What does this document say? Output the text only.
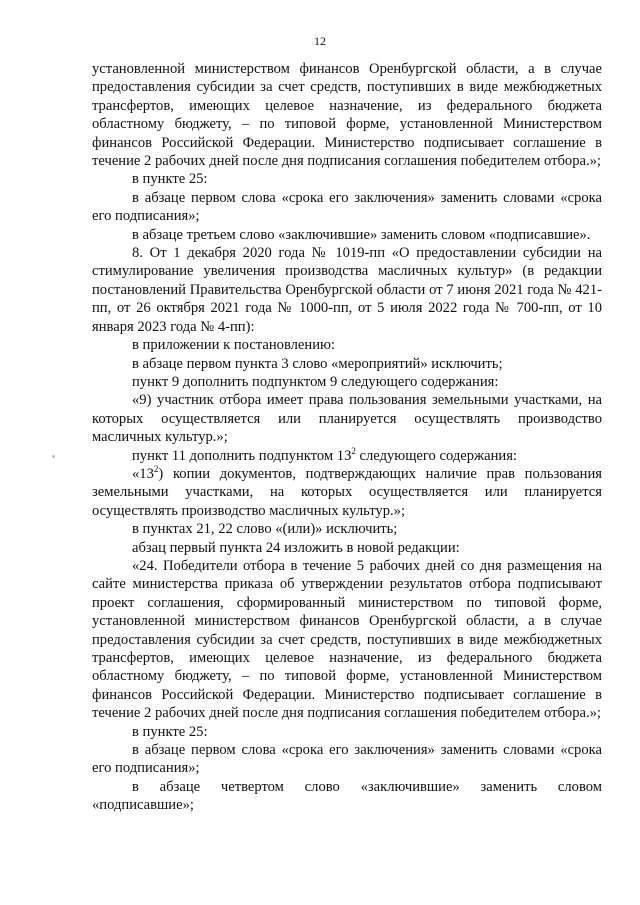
12

установленной министерством финансов Оренбургской области, а в случае предоставления субсидии за счет средств, поступивших в виде межбюджетных трансфертов, имеющих целевое назначение, из федерального бюджета областному бюджету, – по типовой форме, установленной Министерством финансов Российской Федерации. Министерство подписывает соглашение в течение 2 рабочих дней после дня подписания соглашения победителем отбора.»;

в пункте 25:

в абзаце первом слова «срока его заключения» заменить словами «срока его подписания»;

в абзаце третьем слово «заключившие» заменить словом «подписавшие».

8. От 1 декабря 2020 года № 1019-пп «О предоставлении субсидии на стимулирование увеличения производства масличных культур» (в редакции постановлений Правительства Оренбургской области от 7 июня 2021 года № 421-пп, от 26 октября 2021 года № 1000-пп, от 5 июля 2022 года № 700-пп, от 10 января 2023 года № 4-пп):

в приложении к постановлению:

в абзаце первом пункта 3 слово «мероприятий» исключить;

пункт 9 дополнить подпунктом 9 следующего содержания:

«9) участник отбора имеет права пользования земельными участками, на которых осуществляется или планируется осуществлять производство масличных культур.»;

пункт 11 дополнить подпунктом $13^2$ следующего содержания:

«$13^2$) копии документов, подтверждающих наличие прав пользования земельными участками, на которых осуществляется или планируется осуществлять производство масличных культур.»;

в пунктах 21, 22 слово «(или)» исключить;

абзац первый пункта 24 изложить в новой редакции:

«24. Победители отбора в течение 5 рабочих дней со дня размещения на сайте министерства приказа об утверждении результатов отбора подписывают проект соглашения, сформированный министерством по типовой форме, установленной министерством финансов Оренбургской области, а в случае предоставления субсидии за счет средств, поступивших в виде межбюджетных трансфертов, имеющих целевое назначение, из федерального бюджета областному бюджету, – по типовой форме, установленной Министерством финансов Российской Федерации. Министерство подписывает соглашение в течение 2 рабочих дней после дня подписания соглашения победителем отбора.»;

в пункте 25:

в абзаце первом слова «срока его заключения» заменить словами «срока его подписания»;

в абзаце четвертом слово «заключившие» заменить словом «подписавшие»;
